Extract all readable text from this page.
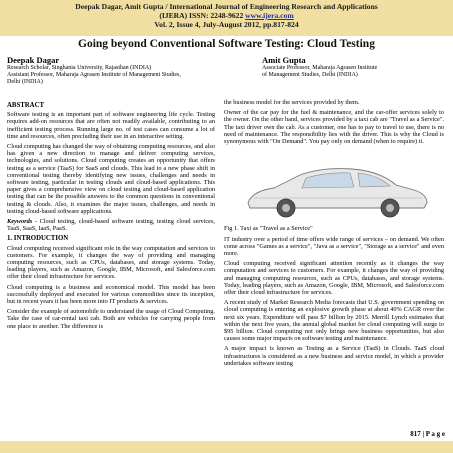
Deepak Dagar, Amit Gupta / International Journal of Engineering Research and Applications
(IJERA) ISSN: 2248-9622 www.ijera.com
Vol. 2, Issue 4, July-August 2012, pp.817-824
Going beyond Conventional Software Testing: Cloud Testing
Deepak Dagar
Research Scholar, Singhania University, Rajasthan (INDIA)
Assistant Professor, Maharaja Agrasen Institute of Management Studies,
Delhi (INDIA)
Amit Gupta
Associate Professor, Maharaja Agrasen Institute
of Management Studies, Delhi (INDIA)
ABSTRACT

Software testing is an important part of software engineering life cycle. Testing requires add-on resources that are often not readily available, contributing to an inefficient testing process. Running large no. of test cases can consume a lot of time and resources, often precluding their use in an interactive setting.

Cloud computing has changed the way of obtaining computing resources, and also has given a new direction to manage and deliver computing services, technologies, and solutions. Cloud computing creates an opportunity that offers testing as a service (TaaS) for SaaS and clouds. This lead to a new phase shift in conventional testing thereby identifying new issues, challenges and needs in software testing, particular in testing clouds and cloud-based applications. This paper gives a comprehensive view on cloud testing and cloud-based application testing that can be the possible answers to the common questions in conventional testing & clouds. Also, it examines the major issues, challenges, and needs in testing cloud-based software applications.

Keywords - Cloud testing, cloud-based software testing, testing cloud services, TaaS, SaaS, IaaS, PaaS.

1. INTRODUCTION

Cloud computing received significant role in the way computation and services to customers. For example, it changes the way of providing and managing computing resources, such as CPUs, databases, and storage systems. Today, leading players, such as Amazon, Google, IBM, Microsoft, and Salesforce.com offer their cloud infrastructure for services.

Cloud computing is a business and economical model. This model has been successfully deployed and executed for various commodities since its inception, but in recent years it has been more into IT products & services.

Consider the example of automobile to understand the usage of Cloud Computing. Take the case of car-rental taxi cab. Both are vehicles for carrying people from one place to another. The difference is

the business model for the services provided by them.

Owner of the car pay for the fuel & maintenance, and the car-offer services solely to the owner. On the other hand, services provided by a taxi cab are "Travel as a Service". The taxi driver own the cab. As a customer, one has to pay to travel to use, there is no need of maintenance. The responsibility lies with the driver. This is why the Cloud is synonymous with "On Demand". You pay only on demand (when to require) it.

Fig 1. Taxi as "Travel as a Service"

IT industry over a period of time offers wide range of services – on demand. We often come across "Games as a service", "Java as a service", "Storage as a service" and even more.

Cloud computing received significant attention recently as it changes the way computation and services to customers. For example, it changes the way of providing and managing computing resources, such as CPUs, databases, and storage systems. Today, leading players, such as Amazon, Google, IBM, Microsoft, and Salesforce.com offer their cloud infrastructure for services.

A recent study of Market Research Media forecasts that U.S. government spending on cloud computing is entering an explosive growth phase at about 40% CAGR over the next six years. Expenditure will pass $7 billion by 2015. Merrill Lynch estimates that within the next five years, the annual global market for cloud computing will surge to $95 billion. Cloud computing not only brings new business opportunities, but also causes some major impacts on software testing and maintenance.

A major impact is known as Testing as a Service (TaaS) in Clouds. TaaS cloud infrastructures is considered as a new business and service model, in which a provider undertakes software testing

817 | P a g e
